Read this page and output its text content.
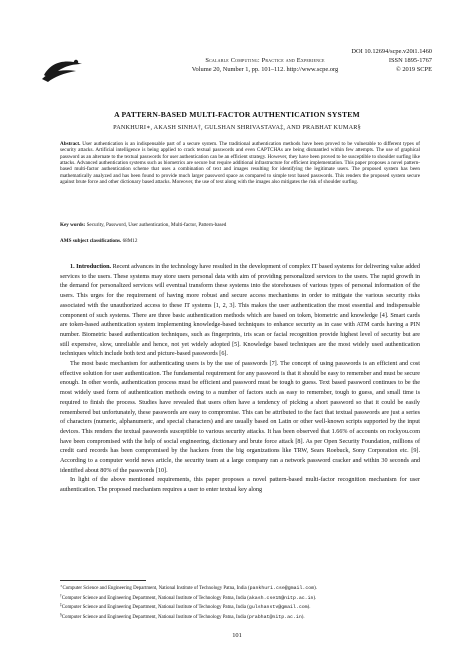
Scalable Computing: Practice and Experience
Volume 20, Number 1, pp. 101–112. http://www.scpe.org
DOI 10.12694/scpe.v20i1.1460
ISSN 1895-1767
© 2019 SCPE
A PATTERN-BASED MULTI-FACTOR AUTHENTICATION SYSTEM
PANKHURI∗, AKASH SINHA†, GULSHAN SHRIVASTAVA‡, AND PRABHAT KUMAR§
Abstract. User authentication is an indispensable part of a secure system. The traditional authentication methods have been proved to be vulnerable to different types of security attacks. Artificial intelligence is being applied to crack textual passwords and even CAPTCHAs are being dismantled within few attempts. The use of graphical password as an alternate to the textual passwords for user authentication can be an efficient strategy. However, they have been proved to be susceptible to shoulder surfing like attacks. Advanced authentication systems such as biometrics are secure but require additional infrastructure for efficient implementation. This paper proposes a novel pattern-based multi-factor authentication scheme that uses a combination of text and images resulting for identifying the legitimate users. The proposed system has been mathematically analyzed and has been found to provide much larger password space as compared to simple text based passwords. This renders the proposed system secure against brute force and other dictionary based attacks. Moreover, the use of text along with the images also mitigates the risk of shoulder surfing.
Key words: Security, Password, User authentication, Multi-factor, Pattern-based
AMS subject classifications. 68M12

1. Introduction. Recent advances in the technology have resulted in the development of complex IT based systems for delivering value added services to the users. These systems may store users personal data with aim of providing personalized services to the users. The rapid growth in the demand for personalized services will eventual transform these systems into the storehouses of various types of personal information of the users. This urges for the requirement of having more robust and secure access mechanisms in order to mitigate the various security risks associated with the unauthorized access to these IT systems [1, 2, 3]. This makes the user authentication the most essential and indispensable component of such systems. There are three basic authentication methods which are based on token, biometric and knowledge [4]. Smart cards are token-based authentication system implementing knowledge-based techniques to enhance security as in case with ATM cards having a PIN number. Biometric based authentication techniques, such as fingerprints, iris scan or facial recognition provide highest level of security but are still expensive, slow, unreliable and hence, not yet widely adopted [5]. Knowledge based techniques are the most widely used authentication techniques which include both text and picture-based passwords [6].

The most basic mechanism for authenticating users is by the use of passwords [7]. The concept of using passwords is an efficient and cost effective solution for user authentication. The fundamental requirement for any password is that it should be easy to remember and must be secure enough. In other words, authentication process must be efficient and password must be tough to guess. Text based password continues to be the most widely used form of authentication methods owing to a number of factors such as easy to remember, tough to guess, and small time is required to finish the process. Studies have revealed that users often have a tendency of picking a short password so that it could be easily remembered but unfortunately, these passwords are easy to compromise. This can be attributed to the fact that textual passwords are just a series of characters (numeric, alphanumeric, and special characters) and are usually based on Latin or other well-known scripts supported by the input devices. This renders the textual passwords susceptible to various security attacks. It has been observed that 1.66% of accounts on rockyou.com have been compromised with the help of social engineering, dictionary and brute force attack [8]. As per Open Security Foundation, millions of credit card records has been compromised by the hackers from the big organizations like TRW, Sears Roebuck, Sony Corporation etc. [9]. According to a computer world news article, the security team at a large company ran a network password cracker and within 30 seconds and identified about 80% of the passwords [10].

In light of the above mentioned requirements, this paper proposes a novel pattern-based multi-factor recognition mechanism for user authentication. The proposed mechanism requires a user to enter textual key along

∗Computer Science and Engineering Department, National Institute of Technology Patna, India (pankhuri.cse@gmail.com).
†Computer Science and Engineering Department, National Institute of Technology Patna, India (akash.cse15@nitp.ac.in).
‡Computer Science and Engineering Department, National Institute of Technology Patna, India (gulshanstv@gmail.com).
§Computer Science and Engineering Department, National Institute of Technology Patna, India (prabhat@nitp.ac.in).
101
